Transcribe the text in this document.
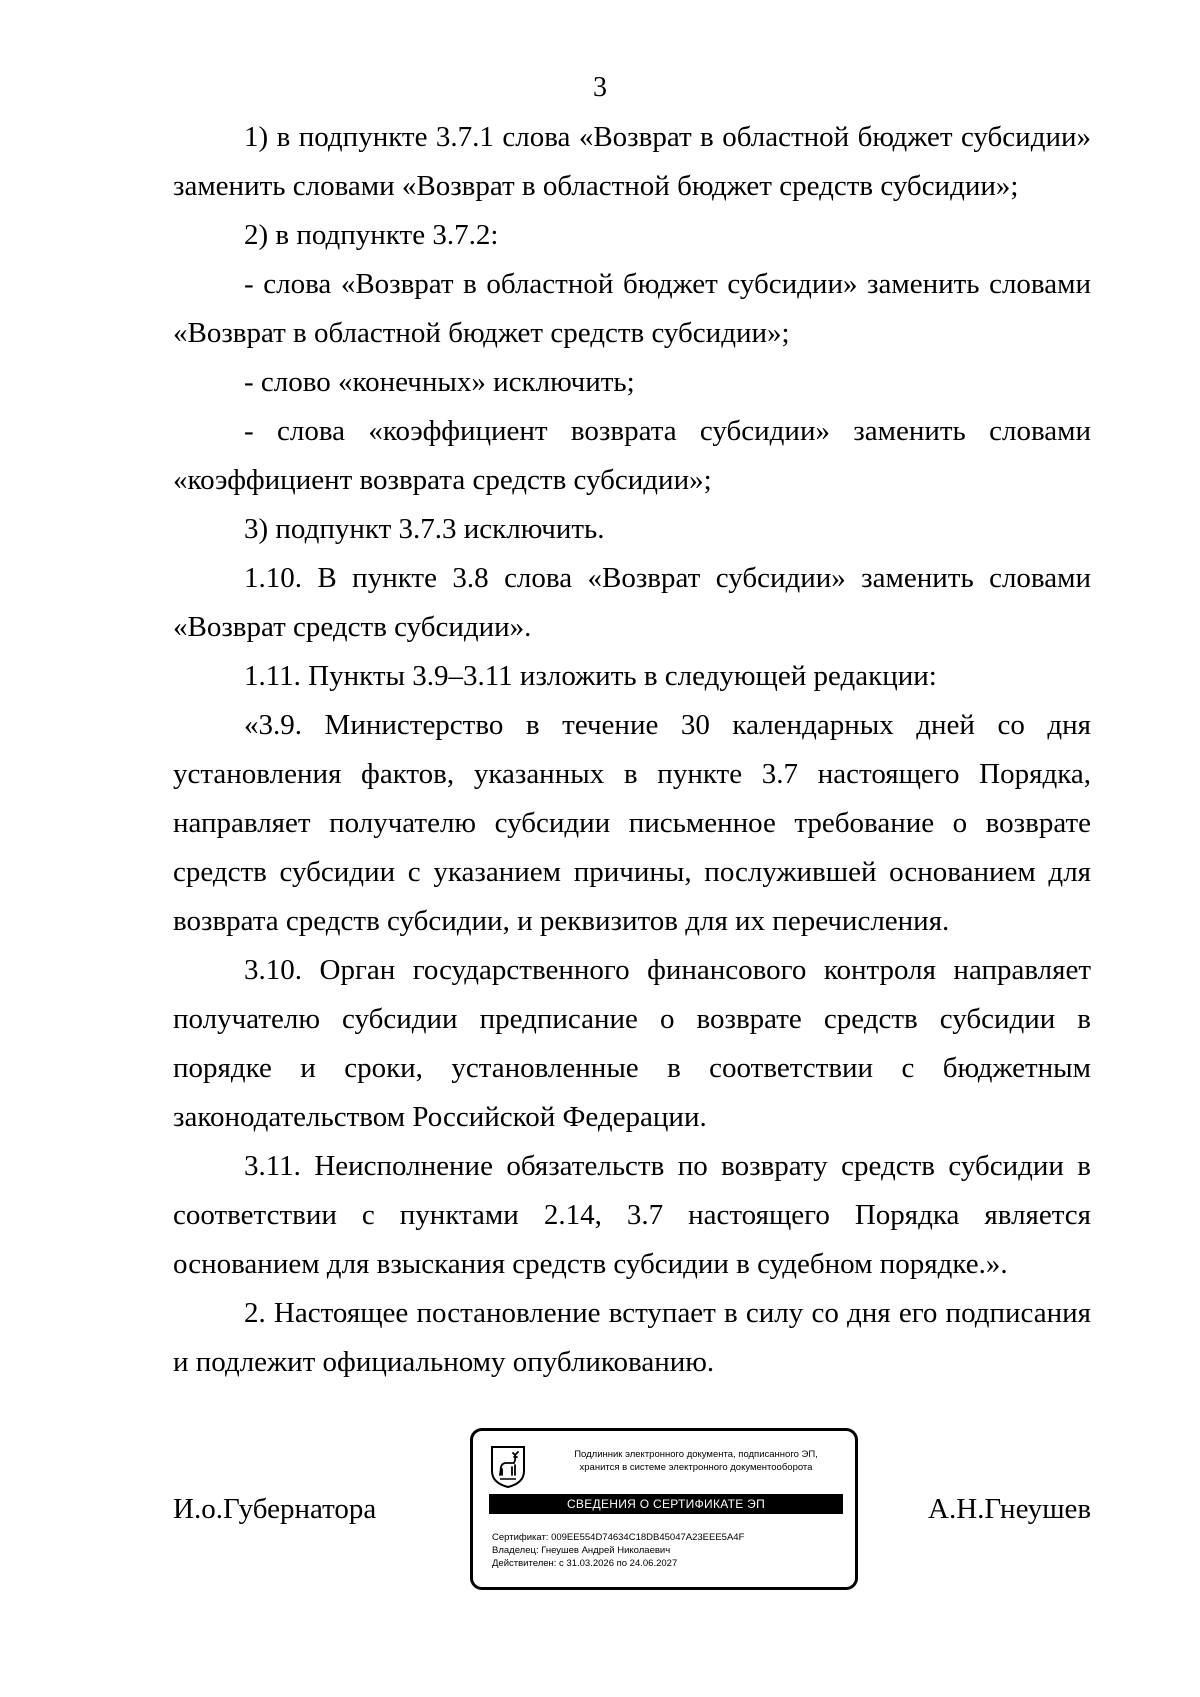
3

1) в подпункте 3.7.1 слова «Возврат в областной бюджет субсидии» заменить словами «Возврат в областной бюджет средств субсидии»;

2) в подпункте 3.7.2:

- слова «Возврат в областной бюджет субсидии» заменить словами «Возврат в областной бюджет средств субсидии»;

- слово «конечных» исключить;

- слова «коэффициент возврата субсидии» заменить словами «коэффициент возврата средств субсидии»;

3) подпункт 3.7.3 исключить.

1.10. В пункте 3.8 слова «Возврат субсидии» заменить словами «Возврат средств субсидии».

1.11. Пункты 3.9–3.11 изложить в следующей редакции:

«3.9. Министерство в течение 30 календарных дней со дня установления фактов, указанных в пункте 3.7 настоящего Порядка, направляет получателю субсидии письменное требование о возврате средств субсидии с указанием причины, послужившей основанием для возврата средств субсидии, и реквизитов для их перечисления.

3.10. Орган государственного финансового контроля направляет получателю субсидии предписание о возврате средств субсидии в порядке и сроки, установленные в соответствии с бюджетным законодательством Российской Федерации.

3.11. Неисполнение обязательств по возврату средств субсидии в соответствии с пунктами 2.14, 3.7 настоящего Порядка является основанием для взыскания средств субсидии в судебном порядке.».

2. Настоящее постановление вступает в силу со дня его подписания и подлежит официальному опубликованию.

И.о.Губернатора
Подлинник электронного документа, подписанного ЭП,
хранится в системе электронного документооборота
СВЕДЕНИЯ О СЕРТИФИКАТЕ ЭП
Сертификат: 009EE554D74634C18DB45047A23EEE5A4F
Владелец: Гнеушев Андрей Николаевич
Действителен: с 31.03.2026 по 24.06.2027
А.Н.Гнеушев
